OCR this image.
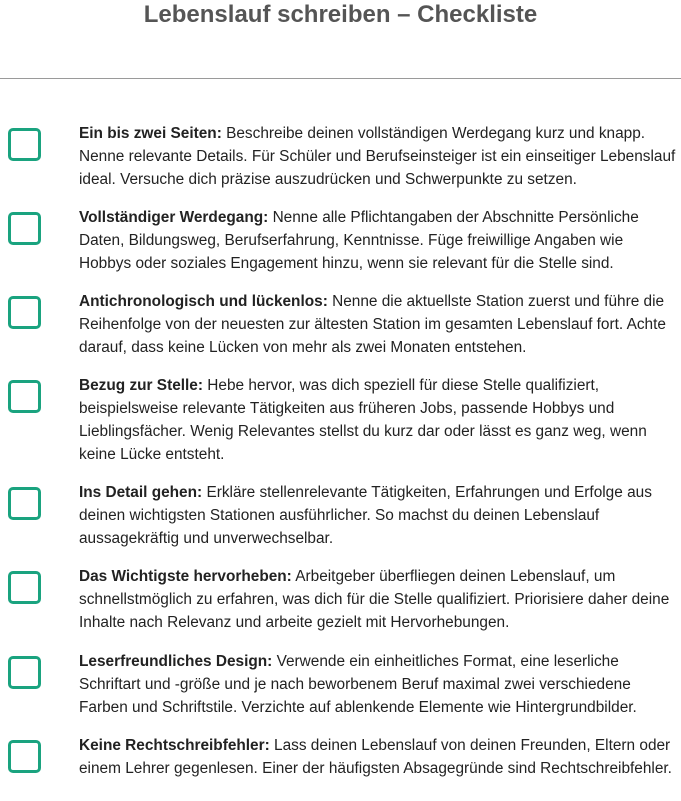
Lebenslauf schreiben – Checkliste
Ein bis zwei Seiten: Beschreibe deinen vollständigen Werdegang kurz und knapp. Nenne relevante Details. Für Schüler und Berufseinsteiger ist ein einseitiger Lebenslauf ideal. Versuche dich präzise auszudrücken und Schwerpunkte zu setzen.
Vollständiger Werdegang: Nenne alle Pflichtangaben der Abschnitte Persönliche Daten, Bildungsweg, Berufserfahrung, Kenntnisse. Füge freiwillige Angaben wie Hobbys oder soziales Engagement hinzu, wenn sie relevant für die Stelle sind.
Antichronologisch und lückenlos: Nenne die aktuellste Station zuerst und führe die Reihenfolge von der neuesten zur ältesten Station im gesamten Lebenslauf fort. Achte darauf, dass keine Lücken von mehr als zwei Monaten entstehen.
Bezug zur Stelle: Hebe hervor, was dich speziell für diese Stelle qualifiziert, beispielsweise relevante Tätigkeiten aus früheren Jobs, passende Hobbys und Lieblingsfächer. Wenig Relevantes stellst du kurz dar oder lässt es ganz weg, wenn keine Lücke entsteht.
Ins Detail gehen: Erkläre stellenrelevante Tätigkeiten, Erfahrungen und Erfolge aus deinen wichtigsten Stationen ausführlicher. So machst du deinen Lebenslauf aussagekräftig und unverwechselbar.
Das Wichtigste hervorheben: Arbeitgeber überfliegen deinen Lebenslauf, um schnellstmöglich zu erfahren, was dich für die Stelle qualifiziert. Priorisiere daher deine Inhalte nach Relevanz und arbeite gezielt mit Hervorhebungen.
Leserfreundliches Design: Verwende ein einheitliches Format, eine leserliche Schriftart und -größe und je nach beworbenem Beruf maximal zwei verschiedene Farben und Schriftstile. Verzichte auf ablenkende Elemente wie Hintergrundbilder.
Keine Rechtschreibfehler: Lass deinen Lebenslauf von deinen Freunden, Eltern oder einem Lehrer gegenlesen. Einer der häufigsten Absagegründe sind Rechtschreibfehler.
